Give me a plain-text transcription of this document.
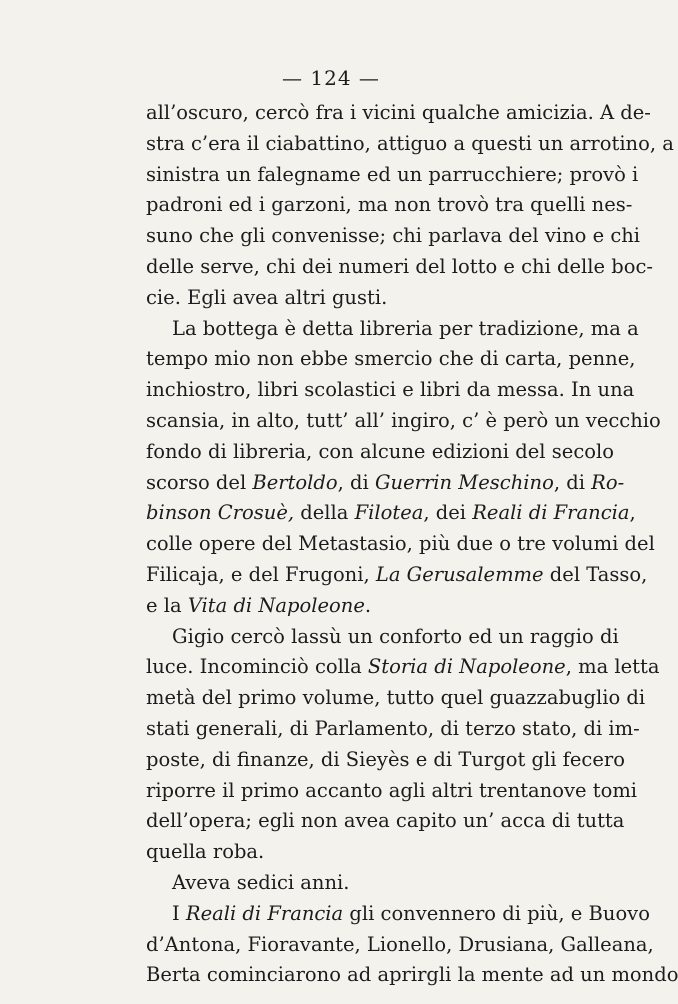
— 124 —
all’oscuro, cercò fra i vicini qualche amicizia. A de-
stra c’era il ciabattino, attiguo a questi un arrotino, a
sinistra un falegname ed un parrucchiere; provò i
padroni ed i garzoni, ma non trovò tra quelli nes-
suno che gli convenisse; chi parlava del vino e chi
delle serve, chi dei numeri del lotto e chi delle boc-
cie. Egli avea altri gusti.
La bottega è detta libreria per tradizione, ma a
tempo mio non ebbe smercio che di carta, penne,
inchiostro, libri scolastici e libri da messa. In una
scansia, in alto, tutt’ all’ ingiro, c’ è però un vecchio
fondo di libreria, con alcune edizioni del secolo
scorso del Bertoldo, di Guerrin Meschino, di Ro-
binson Crosuè, della Filotea, dei Reali di Francia,
colle opere del Metastasio, più due o tre volumi del
Filicaja, e del Frugoni, La Gerusalemme del Tasso,
e la Vita di Napoleone.
Gigio cercò lassù un conforto ed un raggio di
luce. Incominciò colla Storia di Napoleone, ma letta
metà del primo volume, tutto quel guazzabuglio di
stati generali, di Parlamento, di terzo stato, di im-
poste, di finanze, di Sieyès e di Turgot gli fecero
riporre il primo accanto agli altri trentanove tomi
dell’opera; egli non avea capito un’ acca di tutta
quella roba.
Aveva sedici anni.
I Reali di Francia gli convennero di più, e Buovo
d’Antona, Fioravante, Lionello, Drusiana, Galleana,
Berta cominciarono ad aprirgli la mente ad un mondo
